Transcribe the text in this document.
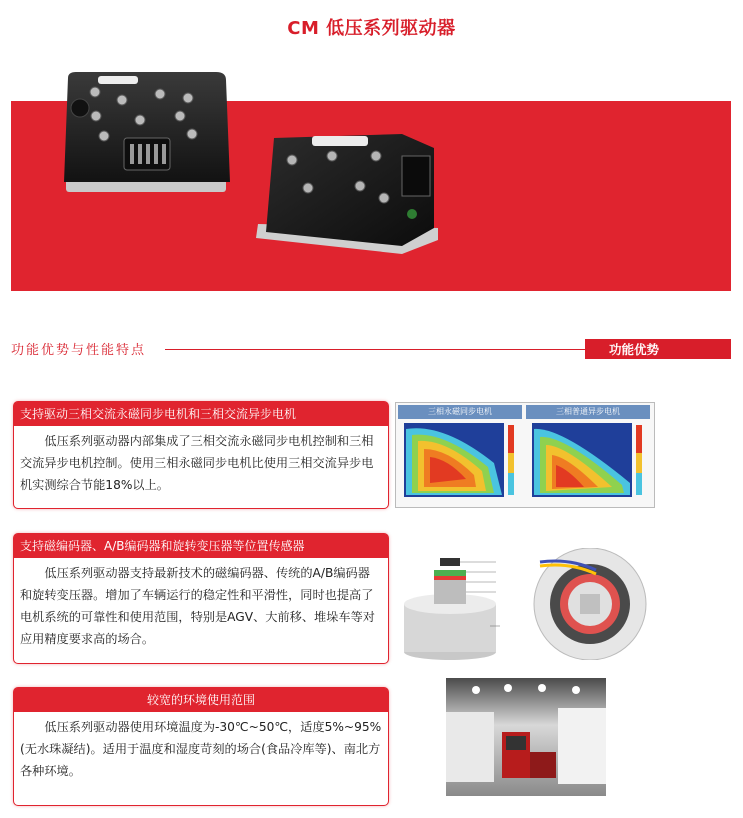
CM 低压系列驱动器
功能优势与性能特点	功能优势
支持驱动三相交流永磁同步电机和三相交流异步电机
低压系列驱动器内部集成了三相交流永磁同步电机控制和三相交流异步电机控制。使用三相永磁同步电机比使用三相交流异步电机实测综合节能18%以上。
支持磁编码器、A/B编码器和旋转变压器等位置传感器
低压系列驱动器支持最新技术的磁编码器、传统的A/B编码器和旋转变压器。增加了车辆运行的稳定性和平滑性，同时也提高了电机系统的可靠性和使用范围，特别是AGV、大前移、堆垛车等对应用精度要求高的场合。
较宽的环境使用范围
低压系列驱动器使用环境温度为-30℃~50℃，适度5%~95%(无水珠凝结)。适用于温度和湿度苛刻的场合(食品冷库等)、南北方各种环境。
三相永磁同步电机	三相普通异步电机
